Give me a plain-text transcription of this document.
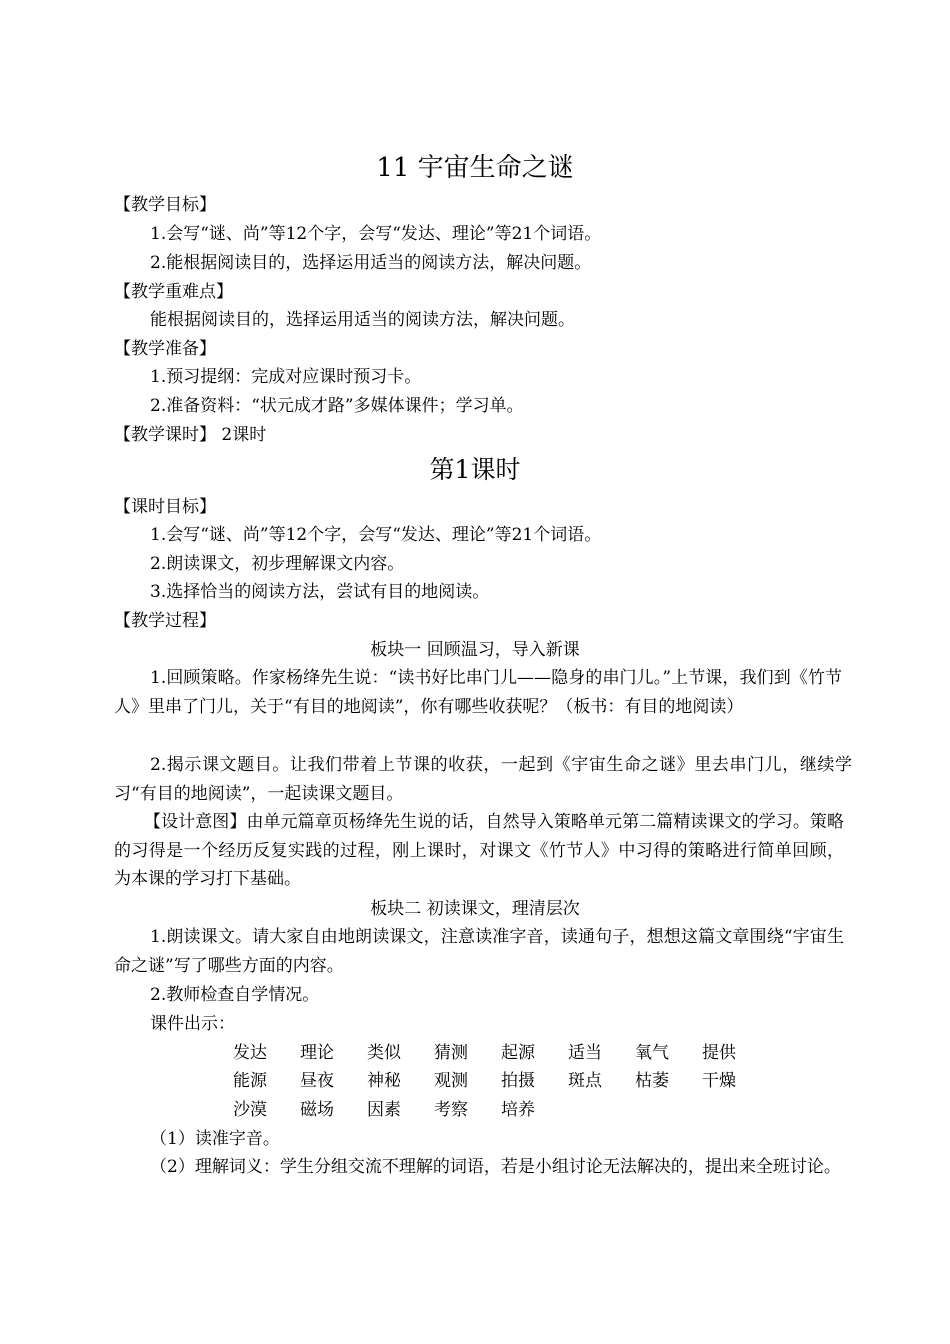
11 宇宙生命之谜
【教学目标】
1.会写“谜、尚”等12个字，会写“发达、理论”等21个词语。
2.能根据阅读目的，选择运用适当的阅读方法，解决问题。
【教学重难点】
能根据阅读目的，选择运用适当的阅读方法，解决问题。
【教学准备】
1.预习提纲：完成对应课时预习卡。
2.准备资料：“状元成才路”多媒体课件；学习单。
【教学课时】 2课时
第1课时
【课时目标】
1.会写“谜、尚”等12个字，会写“发达、理论”等21个词语。
2.朗读课文，初步理解课文内容。
3.选择恰当的阅读方法，尝试有目的地阅读。
【教学过程】
板块一 回顾温习，导入新课
1.回顾策略。作家杨绛先生说：“读书好比串门儿——隐身的串门儿。”上节课，我们到《竹节人》里串了门儿，关于“有目的地阅读”，你有哪些收获呢？（板书：有目的地阅读）
2.揭示课文题目。让我们带着上节课的收获，一起到《宇宙生命之谜》里去串门儿，继续学习“有目的地阅读”，一起读课文题目。
【设计意图】由单元篇章页杨绛先生说的话，自然导入策略单元第二篇精读课文的学习。策略的习得是一个经历反复实践的过程，刚上课时，对课文《竹节人》中习得的策略进行简单回顾，为本课的学习打下基础。
板块二 初读课文，理清层次
1.朗读课文。请大家自由地朗读课文，注意读准字音，读通句子，想想这篇文章围绕“宇宙生命之谜”写了哪些方面的内容。
2.教师检查自学情况。
课件出示：
发达 理论 类似 猜测 起源 适当 氧气 提供
能源 昼夜 神秘 观测 拍摄 斑点 枯萎 干燥
沙漠 磁场 因素 考察 培养
（1）读准字音。
（2）理解词义：学生分组交流不理解的词语，若是小组讨论无法解决的，提出来全班讨论。
